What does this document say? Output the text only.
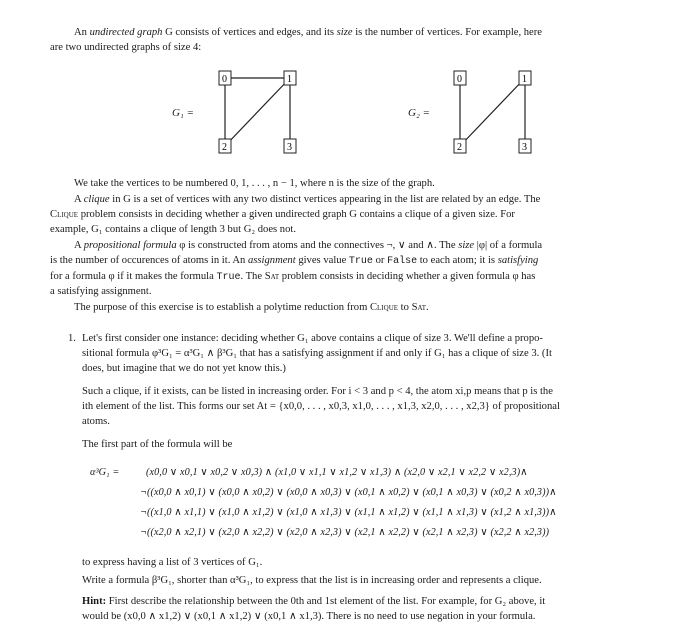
An undirected graph G consists of vertices and edges, and its size is the number of vertices. For example, here

are two undirected graphs of size 4:

G₁ =
0	1
2	3
G₂ =
0	1
2	3

We take the vertices to be numbered 0, 1, . . . , n − 1, where n is the size of the graph.

A clique in G is a set of vertices with any two distinct vertices appearing in the list are related by an edge. The

Clique problem consists in deciding whether a given undirected graph G contains a clique of a given size. For

example, G₁ contains a clique of length 3 but G₂ does not.

A propositional formula φ is constructed from atoms and the connectives ¬, ∨ and ∧. The size |φ| of a formula

is the number of occurences of atoms in it. An assignment gives value True or False to each atom; it is satisfying

for a formula φ if it makes the formula True. The Sat problem consists in deciding whether a given formula φ has

a satisfying assignment.

The purpose of this exercise is to establish a polytime reduction from Clique to Sat.

1. Let's first consider one instance: deciding whether G₁ above contains a clique of size 3. We'll define a propo-

sitional formula φ³G₁ = α³G₁ ∧ β³G₁ that has a satisfying assignment if and only if G₁ has a clique of size 3. (It

does, but imagine that we do not yet know this.)

Such a clique, if it exists, can be listed in increasing order. For i < 3 and p < 4, the atom xi,p means that p is the

ith element of the list. This forms our set At = {x0,0, . . . , x0,3, x1,0, . . . , x1,3, x2,0, . . . , x2,3} of propositional

atoms.

The first part of the formula will be

α³G₁ =	(x0,0 ∨ x0,1 ∨ x0,2 ∨ x0,3) ∧ (x1,0 ∨ x1,1 ∨ x1,2 ∨ x1,3) ∧ (x2,0 ∨ x2,1 ∨ x2,2 ∨ x2,3)∧
¬((x0,0 ∧ x0,1) ∨ (x0,0 ∧ x0,2) ∨ (x0,0 ∧ x0,3) ∨ (x0,1 ∧ x0,2) ∨ (x0,1 ∧ x0,3) ∨ (x0,2 ∧ x0,3))∧
¬((x1,0 ∧ x1,1) ∨ (x1,0 ∧ x1,2) ∨ (x1,0 ∧ x1,3) ∨ (x1,1 ∧ x1,2) ∨ (x1,1 ∧ x1,3) ∨ (x1,2 ∧ x1,3))∧
¬((x2,0 ∧ x2,1) ∨ (x2,0 ∧ x2,2) ∨ (x2,0 ∧ x2,3) ∨ (x2,1 ∧ x2,2) ∨ (x2,1 ∧ x2,3) ∨ (x2,2 ∧ x2,3))

to express having a list of 3 vertices of G₁.

Write a formula β³G₁, shorter than α³G₁, to express that the list is in increasing order and represents a clique.

Hint: First describe the relationship between the 0th and 1st element of the list. For example, for G₂ above, it

would be (x0,0 ∧ x1,2) ∨ (x0,1 ∧ x1,2) ∨ (x0,1 ∧ x1,3). There is no need to use negation in your formula.
